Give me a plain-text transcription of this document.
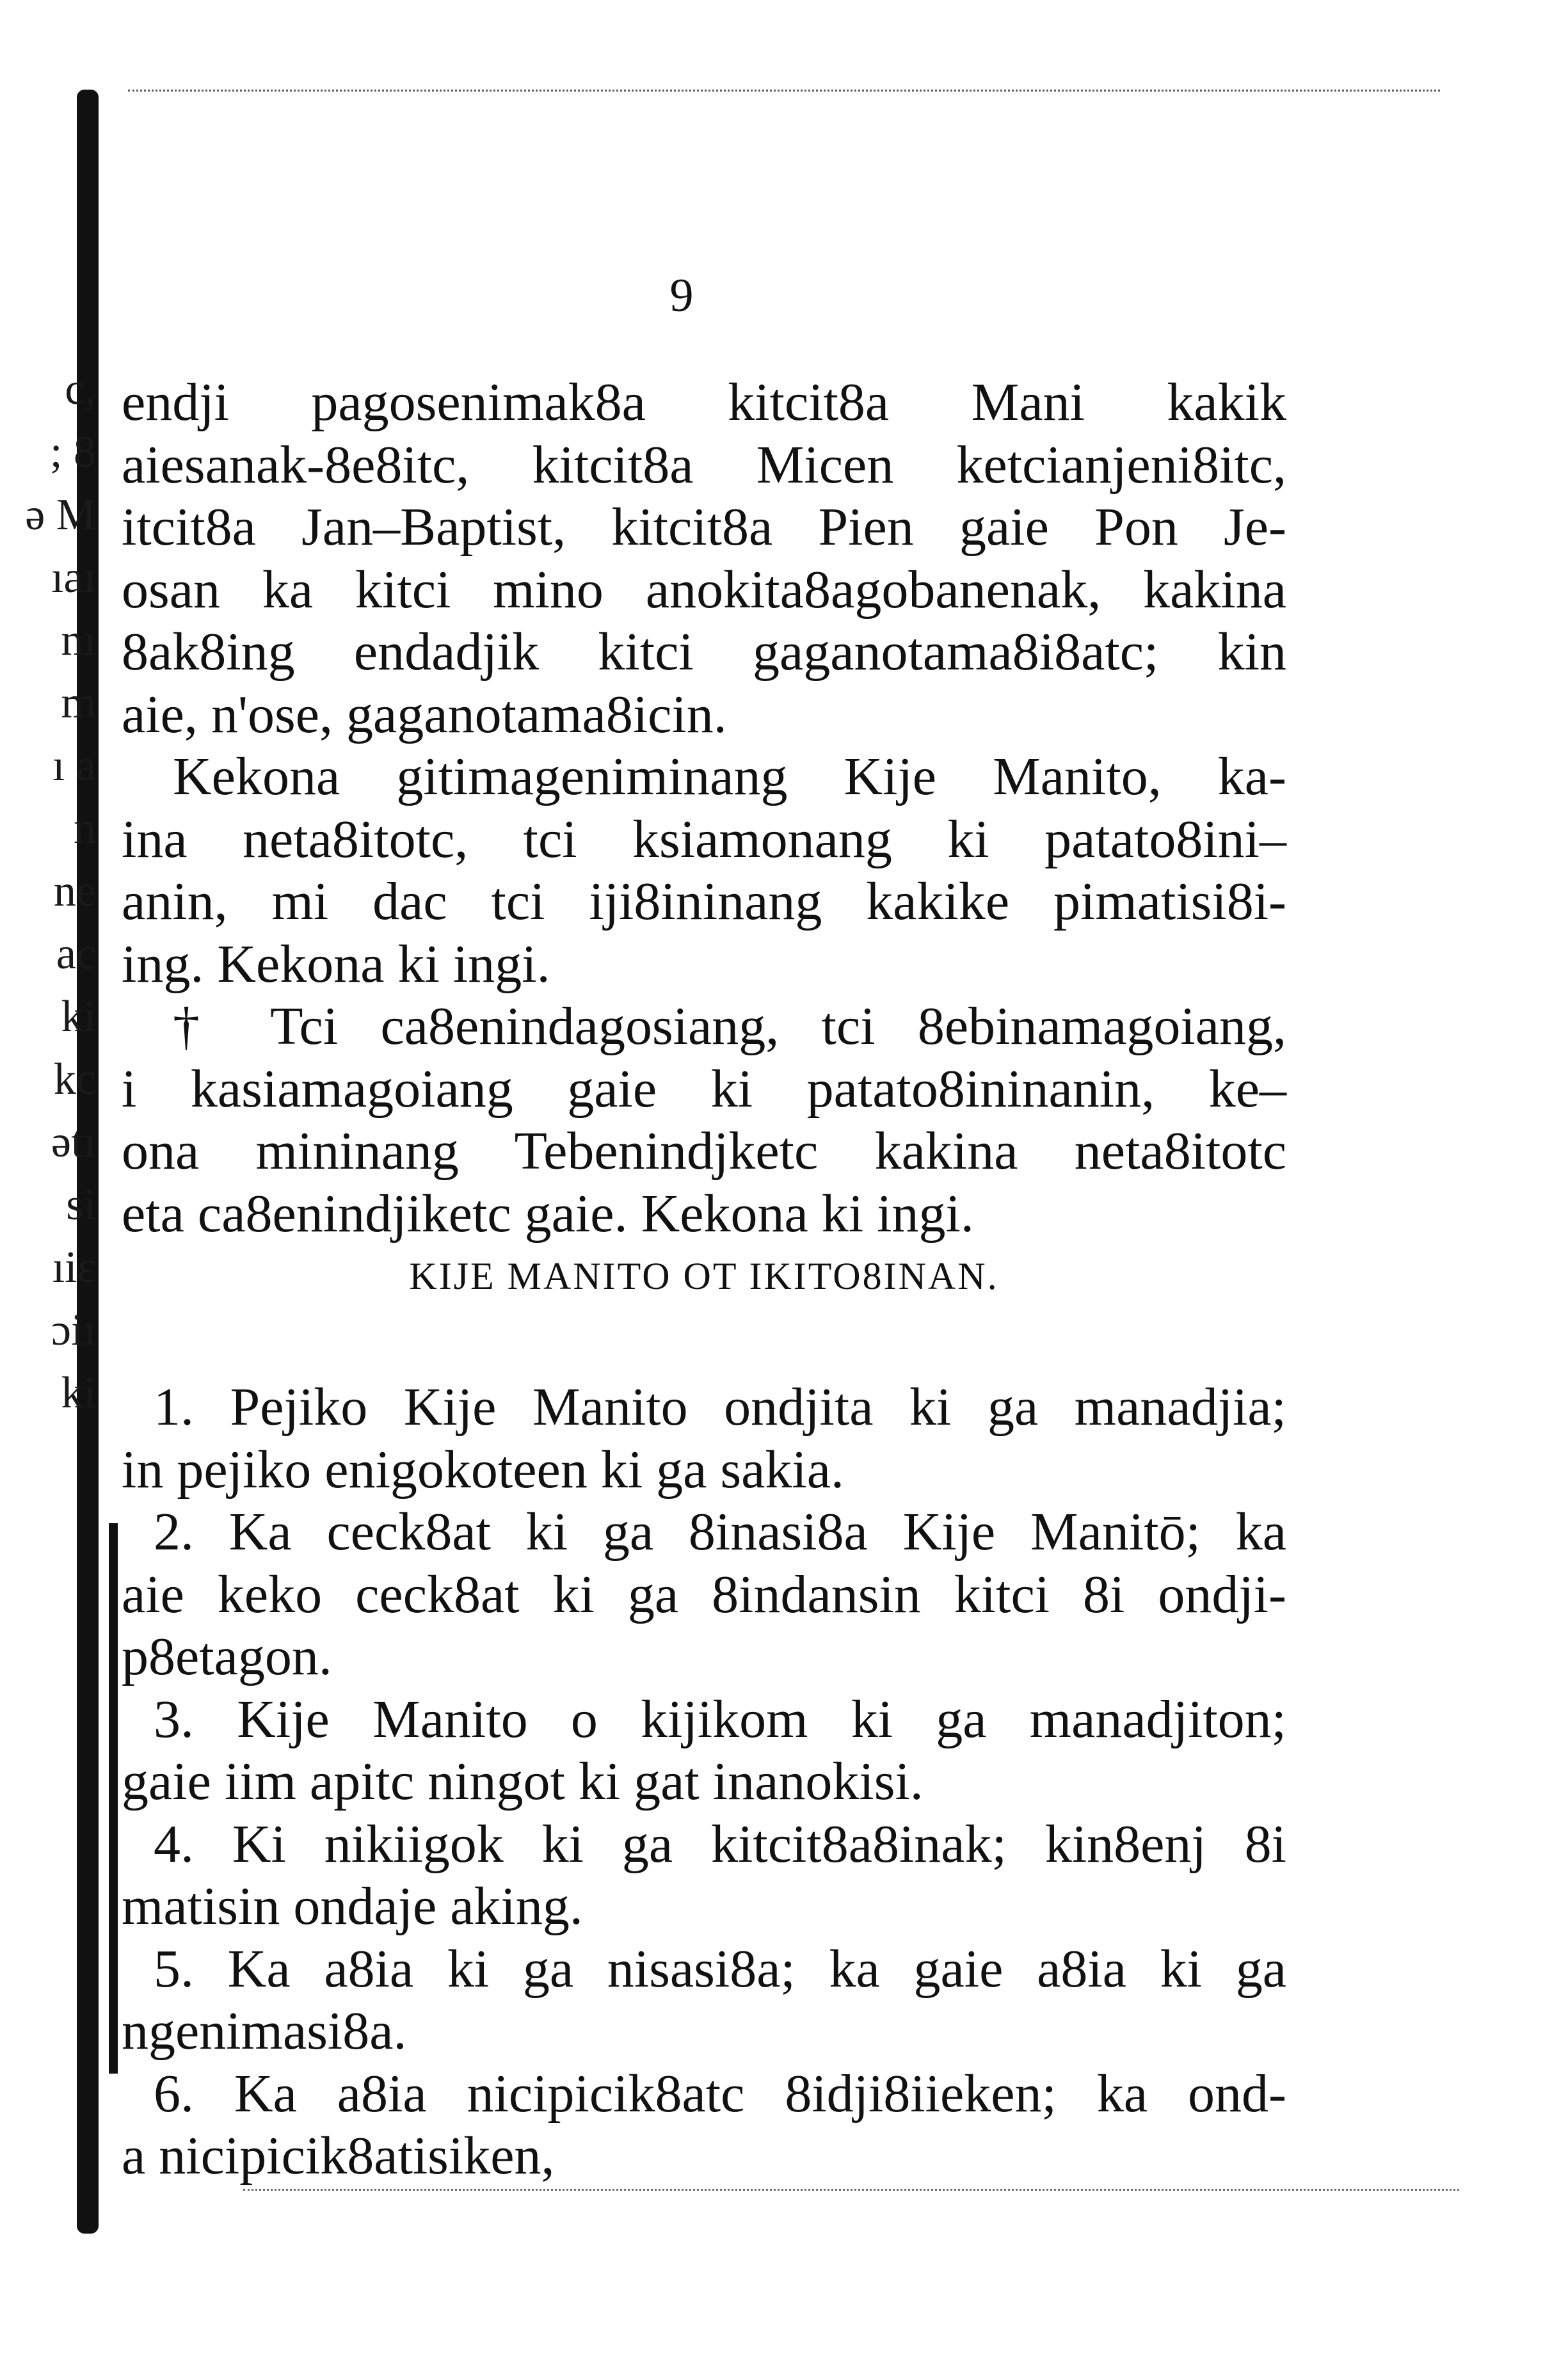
c,
; 8
ə M
ıaı
nı
m
ı a
n
ne
ac
ki
kc
ətı
si
ıiε
ɔiı
ki
9
endji pagosenimak8a kitcit8a Mani kakik
aiesanak-8e8itc, kitcit8a Micen ketcianjeni8itc,
itcit8a Jan–Baptist, kitcit8a Pien gaie Pon Je-
osan ka kitci mino anokita8agobanenak, kakina
8ak8ing endadjik kitci gaganotama8i8atc; kin
aie, n'ose, gaganotama8icin.
Kekona gitimageniminang Kije Manito, ka-
ina neta8itotc, tci ksiamonang ki patato8ini–
anin, mi dac tci iji8ininang kakike pimatisi8i-
ing. Kekona ki ingi.
† Tci ca8enindagosiang, tci 8ebinamagoiang,
i kasiamagoiang gaie ki patato8ininanin, ke–
ona mininang Tebenindjketc kakina neta8itotc
eta ca8enindjiketc gaie. Kekona ki ingi.
KIJE MANITO OT IKITO8INAN.
1. Pejiko Kije Manito ondjita ki ga manadjia;
in pejiko enigokoteen ki ga sakia.
2. Ka ceck8at ki ga 8inasi8a Kije Manitō; ka
aie keko ceck8at ki ga 8indansin kitci 8i ondji-
p8etagon.
3. Kije Manito o kijikom ki ga manadjiton;
gaie iim apitc ningot ki gat inanokisi.
4. Ki nikiigok ki ga kitcit8a8inak; kin8enj 8i
matisin ondaje aking.
5. Ka a8ia ki ga nisasi8a; ka gaie a8ia ki ga
ngenimasi8a.
6. Ka a8ia nicipicik8atc 8idji8iieken; ka ond-
a nicipicik8atisiken,
